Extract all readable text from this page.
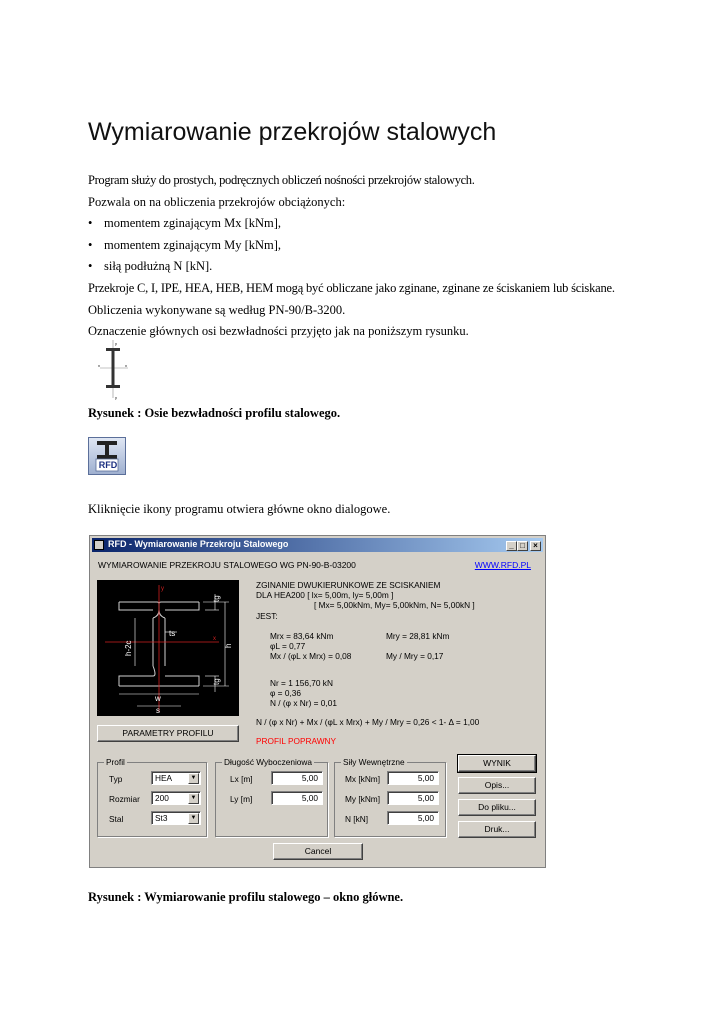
Wymiarowanie przekrojów stalowych
Program służy do prostych, podręcznych obliczeń nośności przekrojów stalowych.
Pozwala on na obliczenia przekrojów obciążonych:
• momentem zginającym Mx [kNm],
• momentem zginającym My [kNm],
• siłą podłużną N [kN].
Przekroje C, I, IPE, HEA, HEB, HEM mogą być obliczane jako zginane, zginane ze ściskaniem lub ściskane.
Obliczenia wykonywane są według PN-90/B-3200.
Oznaczenie głównych osi bezwładności przyjęto jak na poniższym rysunku.
y
x	x
y
Rysunek : Osie bezwładności profilu stalowego.
RFD
Kliknięcie ikony programu otwiera główne okno dialogowe.
RFD - Wymiarowanie Przekroju Stalowego	_ □	×
WYMIAROWANIE PRZEKROJU STALOWEGO WG PN-90-B-03200	WWW.RFD.PL
tg
tg
h-2c	h
ts
w
s
y
x
ZGINANIE DWUKIERUNKOWE ZE SCISKANIEM
DLA HEA200 [ lx= 5,00m, ly= 5,00m ]
[ Mx= 5,00kNm, My= 5,00kNm, N= 5,00kN ]
JEST:
Mrx = 83,64 kNm	Mry = 28,81 kNm
φL = 0,77
Mx / (φL x Mrx) = 0,08	My / Mry = 0,17
Nr = 1 156,70 kN
φ = 0,36
N / (φ x Nr) = 0,01
N / (φ x Nr) + Mx / (φL x Mrx) + My / Mry = 0,26 < 1- Δ = 1,00
PROFIL POPRAWNY
PARAMETRY PROFILU
Profil
Typ	HEA	▼
Rozmiar	200	▼
Stal	St3	▼
Długość Wyboczeniowa
Lx [m]	5,00
Ly [m]	5,00
Siły Wewnętrzne
Mx [kNm]	5,00
My [kNm]	5,00
N [kN]	5,00
WYNIK
Opis...
Do pliku...
Druk...
Cancel
Rysunek : Wymiarowanie profilu stalowego – okno główne.
